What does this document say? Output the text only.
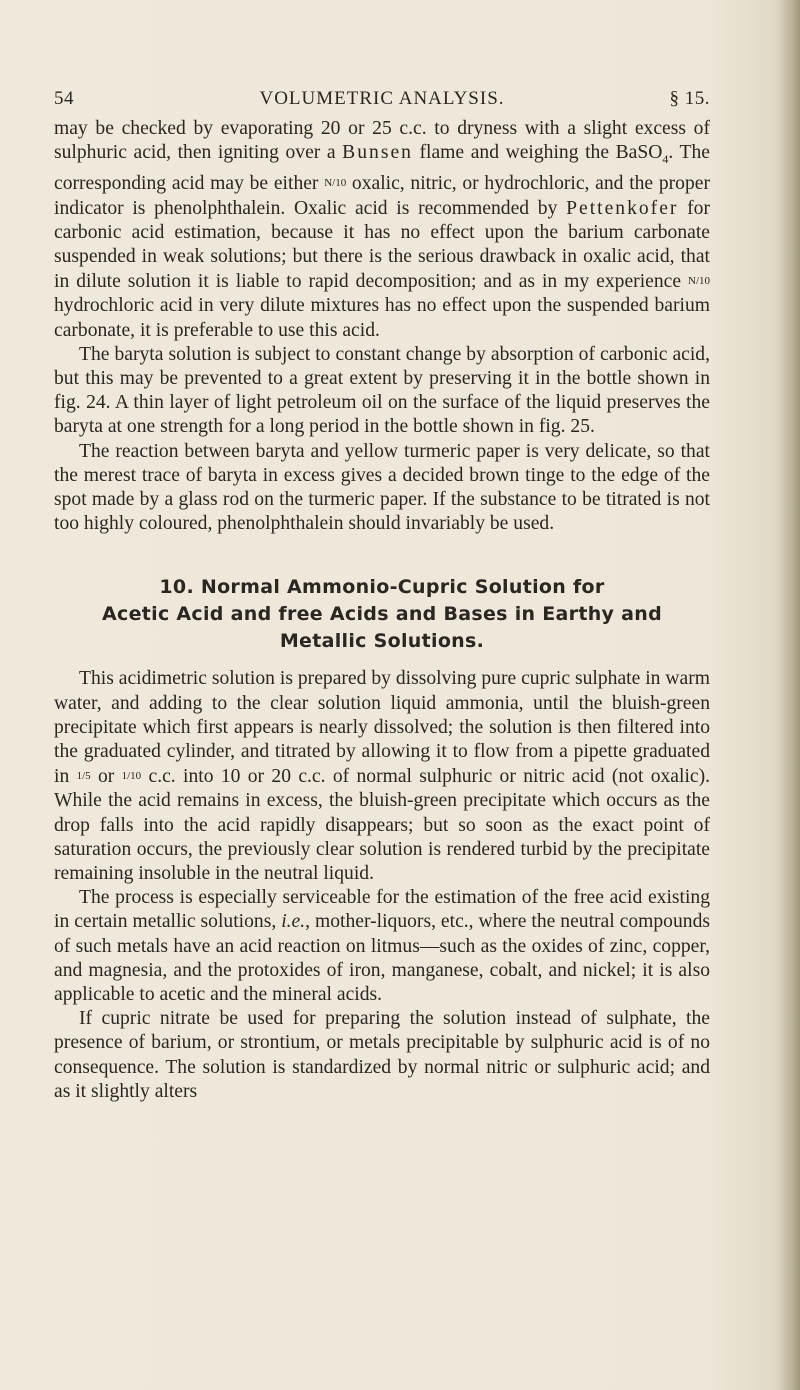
54	VOLUMETRIC ANALYSIS.	§ 15.

may be checked by evaporating 20 or 25 c.c. to dryness with a slight excess of sulphuric acid, then igniting over a Bunsen flame and weighing the BaSO$_4$. The corresponding acid may be either N/10 oxalic, nitric, or hydrochloric, and the proper indicator is phenolphthalein. Oxalic acid is recommended by Pettenkofer for carbonic acid estimation, because it has no effect upon the barium carbonate suspended in weak solutions; but there is the serious drawback in oxalic acid, that in dilute solution it is liable to rapid decomposition; and as in my experience N/10 hydrochloric acid in very dilute mixtures has no effect upon the suspended barium carbonate, it is preferable to use this acid.

The baryta solution is subject to constant change by absorption of carbonic acid, but this may be prevented to a great extent by preserving it in the bottle shown in fig. 24. A thin layer of light petroleum oil on the surface of the liquid preserves the baryta at one strength for a long period in the bottle shown in fig. 25.

The reaction between baryta and yellow turmeric paper is very delicate, so that the merest trace of baryta in excess gives a decided brown tinge to the edge of the spot made by a glass rod on the turmeric paper. If the substance to be titrated is not too highly coloured, phenolphthalein should invariably be used.

10. Normal Ammonio-Cupric Solution for
Acetic Acid and free Acids and Bases in Earthy and
Metallic Solutions.

This acidimetric solution is prepared by dissolving pure cupric sulphate in warm water, and adding to the clear solution liquid ammonia, until the bluish-green precipitate which first appears is nearly dissolved; the solution is then filtered into the graduated cylinder, and titrated by allowing it to flow from a pipette graduated in 1/5 or 1/10 c.c. into 10 or 20 c.c. of normal sulphuric or nitric acid (not oxalic). While the acid remains in excess, the bluish-green precipitate which occurs as the drop falls into the acid rapidly disappears; but so soon as the exact point of saturation occurs, the previously clear solution is rendered turbid by the precipitate remaining insoluble in the neutral liquid.

The process is especially serviceable for the estimation of the free acid existing in certain metallic solutions, i.e., mother-liquors, etc., where the neutral compounds of such metals have an acid reaction on litmus—such as the oxides of zinc, copper, and magnesia, and the protoxides of iron, manganese, cobalt, and nickel; it is also applicable to acetic and the mineral acids.

If cupric nitrate be used for preparing the solution instead of sulphate, the presence of barium, or strontium, or metals precipitable by sulphuric acid is of no consequence. The solution is standardized by normal nitric or sulphuric acid; and as it slightly alters
